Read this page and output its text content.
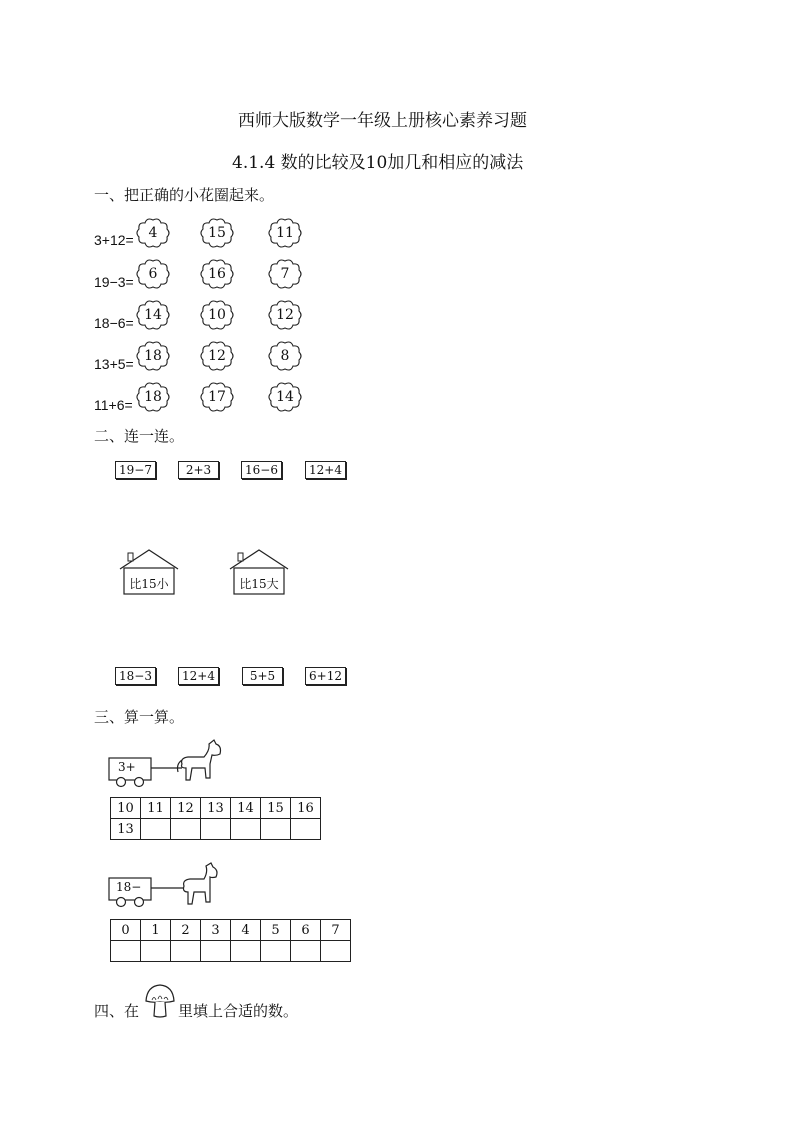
西师大版数学一年级上册核心素养习题
4.1.4 数的比较及10加几和相应的减法
一、把正确的小花圈起来。
3+12=	4	15	11
19−3=	6	16	7
18−6= 14	10	12
13+5= 18	12	8
11+6= 18	17	14
二、连一连。
19−7	2+3	16−6	12+4
比15小	比15大
18−3	12+4	5+5	6+12
三、算一算。
3+
10	11	12	13	14	15	16
13						
18−
0	1	2	3	4	5	6	7

四、在	里填上合适的数。
